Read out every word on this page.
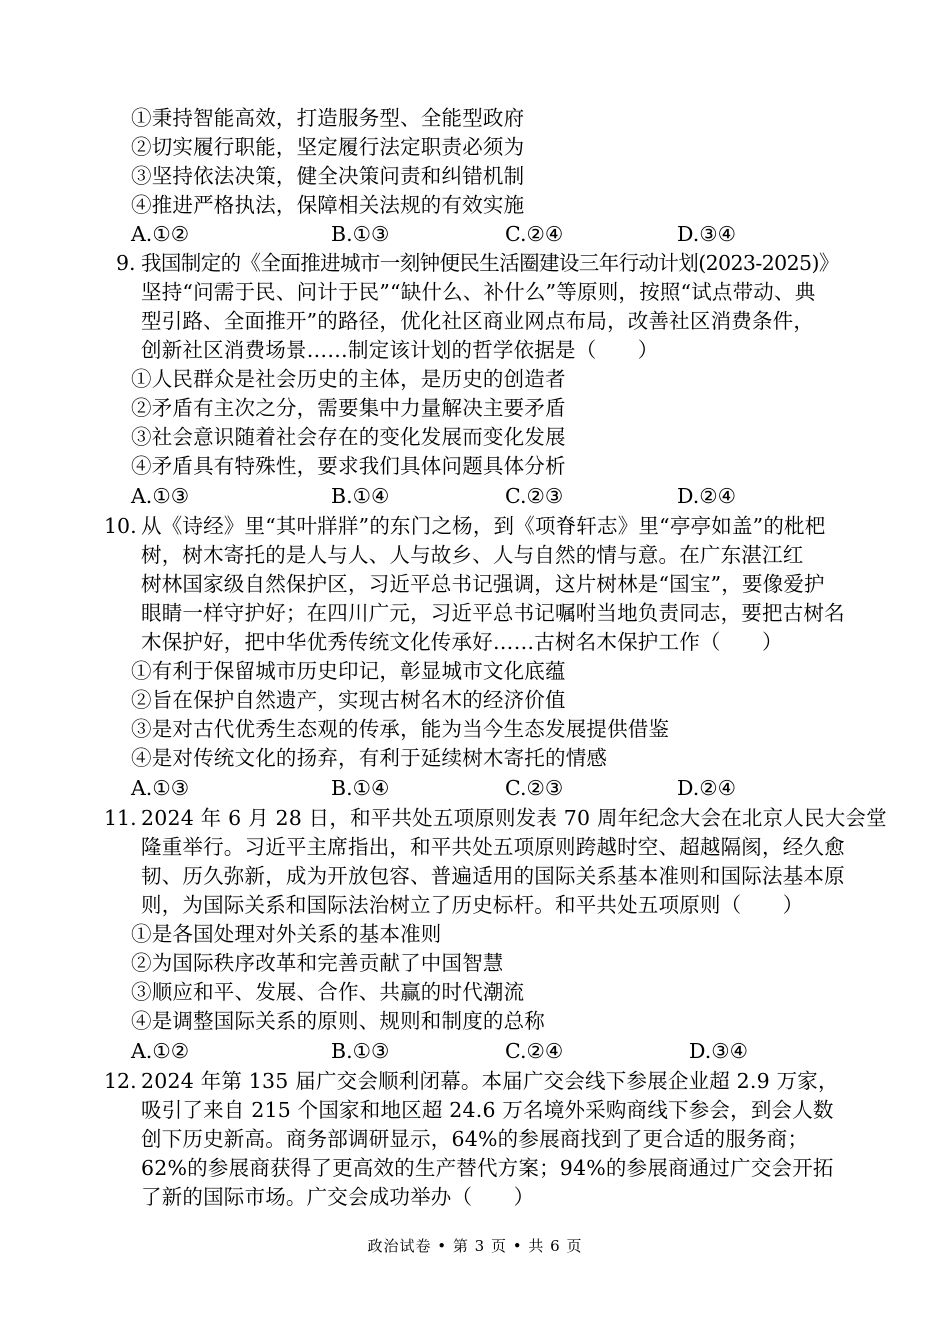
①秉持智能高效，打造服务型、全能型政府
②切实履行职能，坚定履行法定职责必须为
③坚持依法决策，健全决策问责和纠错机制
④推进严格执法，保障相关法规的有效实施
A.①②	B.①③	C.②④	D.③④
9. 我国制定的《全面推进城市一刻钟便民生活圈建设三年行动计划(2023-2025)》
坚持“问需于民、问计于民”“缺什么、补什么”等原则，按照“试点带动、典
型引路、全面推开”的路径，优化社区商业网点布局，改善社区消费条件，
创新社区消费场景……制定该计划的哲学依据是（　　）
①人民群众是社会历史的主体，是历史的创造者
②矛盾有主次之分，需要集中力量解决主要矛盾
③社会意识随着社会存在的变化发展而变化发展
④矛盾具有特殊性，要求我们具体问题具体分析
A.①③	B.①④	C.②③	D.②④
10. 从《诗经》里“其叶牂牂”的东门之杨，到《项脊轩志》里“亭亭如盖”的枇杷
树，树木寄托的是人与人、人与故乡、人与自然的情与意。在广东湛江红
树林国家级自然保护区，习近平总书记强调，这片树林是“国宝”，要像爱护
眼睛一样守护好；在四川广元，习近平总书记嘱咐当地负责同志，要把古树名
木保护好，把中华优秀传统文化传承好……古树名木保护工作（　　）
①有利于保留城市历史印记，彰显城市文化底蕴
②旨在保护自然遗产，实现古树名木的经济价值
③是对古代优秀生态观的传承，能为当今生态发展提供借鉴
④是对传统文化的扬弃，有利于延续树木寄托的情感
A.①③	B.①④	C.②③	D.②④
11. 2024 年 6 月 28 日，和平共处五项原则发表 70 周年纪念大会在北京人民大会堂
隆重举行。习近平主席指出，和平共处五项原则跨越时空、超越隔阂，经久愈
韧、历久弥新，成为开放包容、普遍适用的国际关系基本准则和国际法基本原
则，为国际关系和国际法治树立了历史标杆。和平共处五项原则（　　）
①是各国处理对外关系的基本准则
②为国际秩序改革和完善贡献了中国智慧
③顺应和平、发展、合作、共赢的时代潮流
④是调整国际关系的原则、规则和制度的总称
A.①②	B.①③	C.②④	D.③④
12. 2024 年第 135 届广交会顺利闭幕。本届广交会线下参展企业超 2.9 万家，
吸引了来自 215 个国家和地区超 24.6 万名境外采购商线下参会，到会人数
创下历史新高。商务部调研显示，64%的参展商找到了更合适的服务商；
62%的参展商获得了更高效的生产替代方案；94%的参展商通过广交会开拓
了新的国际市场。广交会成功举办（　　）
政治试卷 • 第 3 页 • 共 6 页
